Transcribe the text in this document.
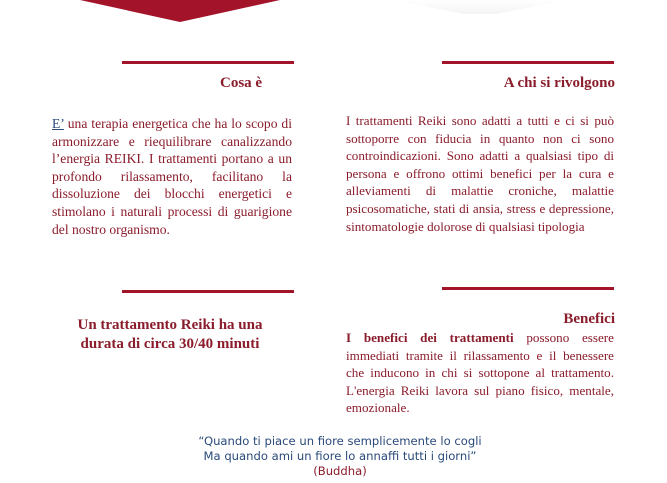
Cosa è
E’ una terapia energetica che ha lo scopo di armonizzare e riequilibrare canalizzando l’energia REIKI. I trattamenti portano a un profondo rilassamento, facilitano la dissoluzione dei blocchi energetici e stimolano i naturali processi di guarigione del nostro organismo.
A chi si rivolgono
I trattamenti Reiki sono adatti a tutti e ci si può sottoporre con fiducia in quanto non ci sono controindicazioni. Sono adatti a qualsiasi tipo di persona e offrono ottimi benefici per la cura e alleviamenti di malattie croniche, malattie psicosomatiche, stati di ansia, stress e depressione, sintomatologie dolorose di qualsiasi tipologia
Un trattamento Reiki ha una
durata di circa 30/40 minuti
Benefici
I benefici dei trattamenti possono essere immediati tramite il rilassamento e il benessere che inducono in chi si sottopone al trattamento. L'energia Reiki lavora sul piano fisico, mentale, emozionale.
“Quando ti piace un fiore semplicemente lo cogli
Ma quando ami un fiore lo annaffi tutti i giorni”
(Buddha)
